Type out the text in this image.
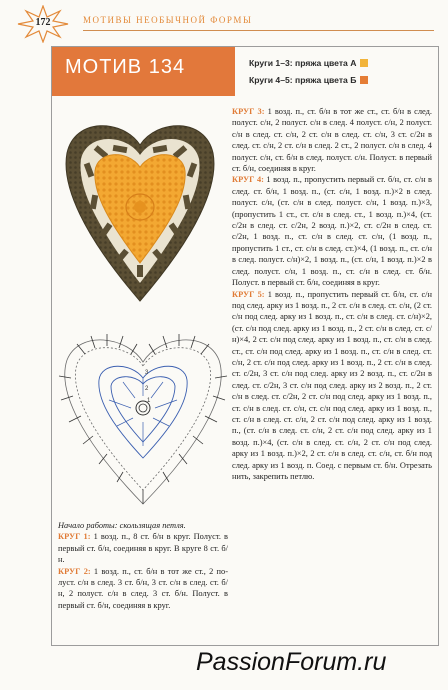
172	МОТИВЫ НЕОБЫЧНОЙ ФОРМЫ
МОТИВ 134	Круги 1–3: пряжа цвета А
Круги 4–5: пряжа цвета Б
3
2
1

КРУГ 3: 1 возд. п., ст. б/н в тот же ст., ст. б/н в след. полуст. с/н, 2 полуст. с/н в след. 4 полуст. с/н, 2 полуст. с/н в след. ст. с/н, 2 ст. с/н в след. ст. с/н, 3 ст. с/2н в след. ст. с/н, 2 ст. с/н в след. 2 ст., 2 полуст. с/н в след. 4 полуст. с/н, ст. б/н в след. полуст. с/н. Полуст. в первый ст. б/н, соединяя в круг.

КРУГ 4: 1 возд. п., пропустить первый ст. б/н, ст. с/н в след. ст. б/н, 1 возд. п., (ст. с/н, 1 возд. п.)×2 в след. полуст. с/н, (ст. с/н в след. полуст. с/н, 1 возд. п.)×3, (пропустить 1 ст., ст. с/н в след. ст., 1 возд. п.)×4, (ст. с/2н в след. ст. с/2н, 2 возд. п.)×2, ст. с/2н в след. ст. с/2н, 1 возд. п., ст. с/н в след. ст. с/н, (1 возд. п., пропустить 1 ст., ст. с/н в след. ст.)×4, (1 возд. п., ст. с/н в след. полуст. с/н)×2, 1 возд. п., (ст. с/н, 1 возд. п.)×2 в след. полуст. с/н, 1 возд. п., ст. с/н в след. ст. б/н. Полуст. в первый ст. б/н, соединяя в круг.

КРУГ 5: 1 возд. п., пропустить первый ст. б/н, ст. с/н под след. арку из 1 возд. п., 2 ст. с/н в след. ст. с/н, (2 ст. с/н под след. арку из 1 возд. п., ст. с/н в след. ст. с/н)×2, (ст. с/н под след. арку из 1 возд. п., 2 ст. с/н в след. ст. с/н)×4, 2 ст. с/н под след. арку из 1 возд. п., ст. с/н в след. ст., ст. с/н под след. арку из 1 возд. п., ст. с/н в след. ст. с/н, 2 ст. с/н под след. арку из 1 возд. п., 2 ст. с/н в след. ст. с/2н, 3 ст. с/н под след. арку из 2 возд. п., ст. с/2н в след. ст. с/2н, 3 ст. с/н под след. арку из 2 возд. п., 2 ст. с/н в след. ст. с/2н, 2 ст. с/н под след. арку из 1 возд. п., ст. с/н в след. ст. с/н, ст. с/н под след. арку из 1 возд. п., ст. с/н в след. ст. с/н, 2 ст. с/н под след. арку из 1 возд. п., (ст. с/н в след. ст. с/н, 2 ст. с/н под след. арку из 1 возд. п.)×4, (ст. с/н в след. ст. с/н, 2 ст. с/н под след. арку из 1 возд. п.)×2, 2 ст. с/н в след. ст. с/н, ст. б/н под след. арку из 1 возд. п. Соед. с первым ст. б/н. Отрезать нить, закрепить петлю.

Начало работы: скользящая петля.

КРУГ 1: 1 возд. п., 8 ст. б/н в круг. Полуст. в первый ст. б/н, соединяя в круг. В круге 8 ст. б/н.

КРУГ 2: 1 возд. п., ст. б/н в тот же ст., 2 полуст. с/н в след. 3 ст. б/н, 3 ст. с/н в след. ст. б/н, 2 полуст. с/н в след. 3 ст. б/н. Полуст. в первый ст. б/н, соединяя в круг.

PassionForum.ru
